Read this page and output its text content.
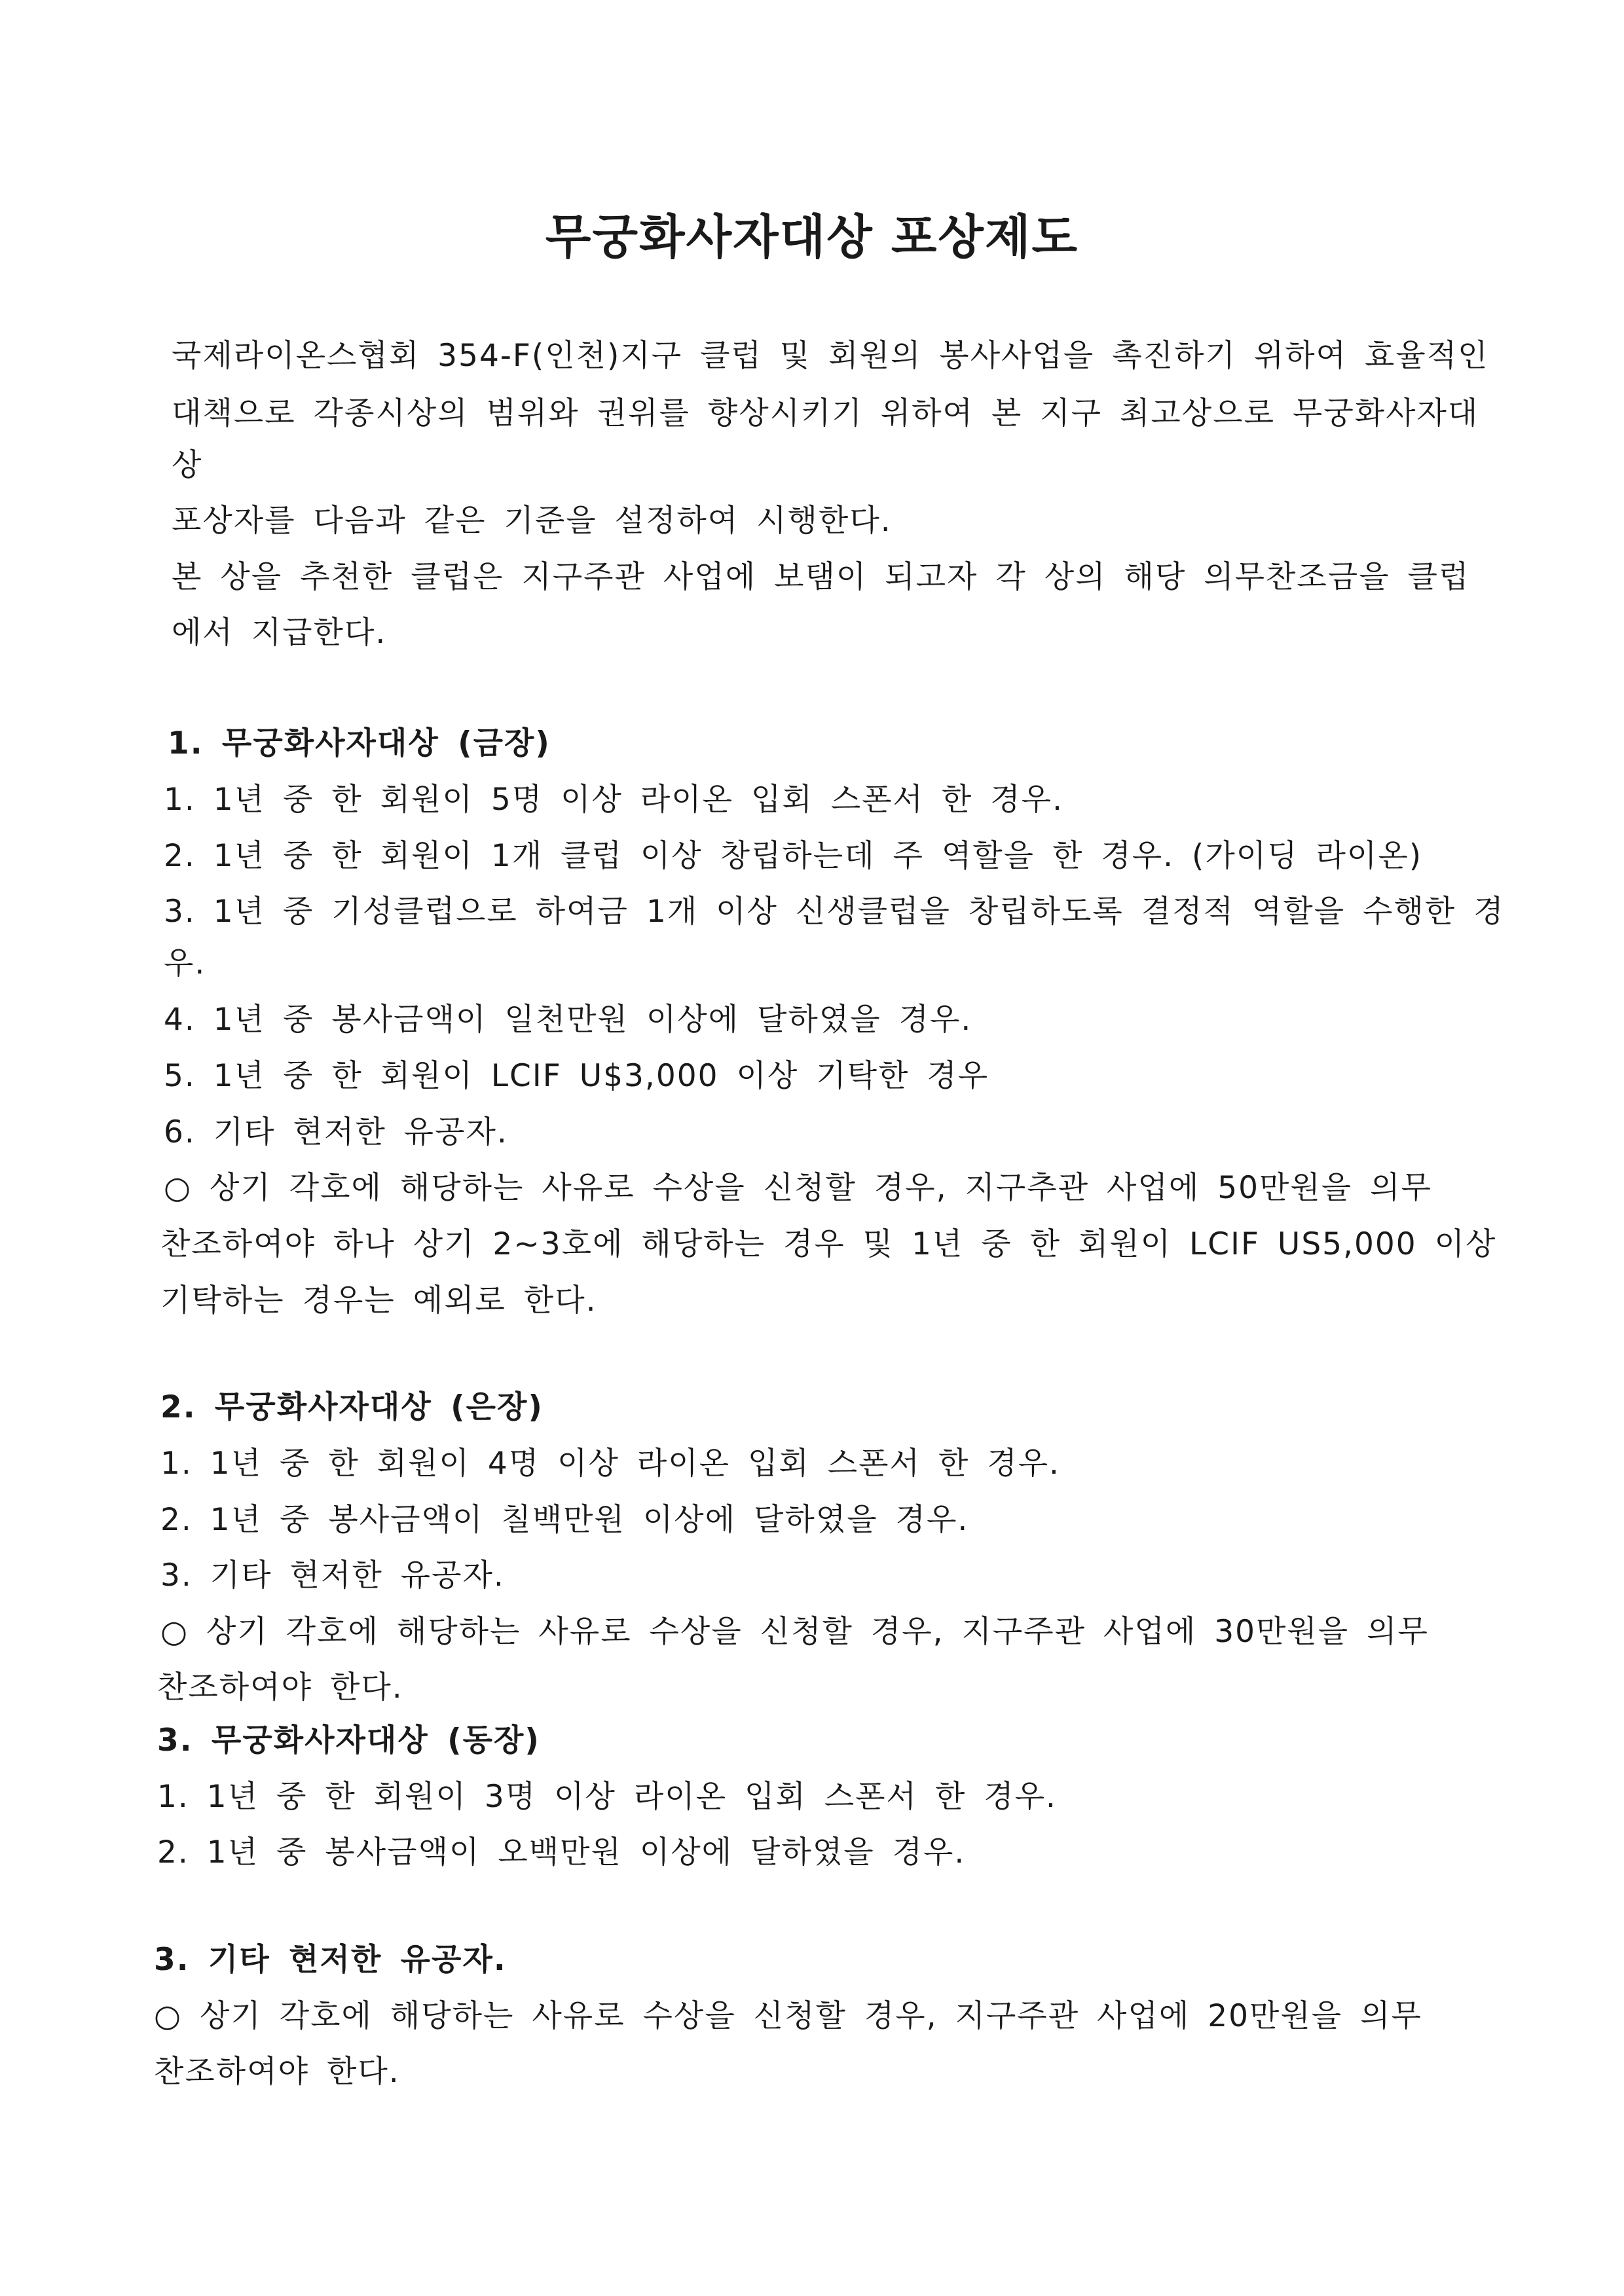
무궁화사자대상 포상제도
국제라이온스협회 354-F(인천)지구 클럽 및 회원의 봉사사업을 촉진하기 위하여 효율적인
대책으로 각종시상의 범위와 권위를 향상시키기 위하여 본 지구 최고상으로 무궁화사자대
상
포상자를 다음과 같은 기준을 설정하여 시행한다.
본 상을 추천한 클럽은 지구주관 사업에 보탬이 되고자 각 상의 해당 의무찬조금을 클럽
에서 지급한다.
1. 무궁화사자대상 (금장)
1. 1년 중 한 회원이 5명 이상 라이온 입회 스폰서 한 경우.
2. 1년 중 한 회원이 1개 클럽 이상 창립하는데 주 역할을 한 경우. (가이딩 라이온)
3. 1년 중 기성클럽으로 하여금 1개 이상 신생클럽을 창립하도록 결정적 역할을 수행한 경
우.
4. 1년 중 봉사금액이 일천만원 이상에 달하였을 경우.
5. 1년 중 한 회원이 LCIF U$3,000 이상 기탁한 경우
6. 기타 현저한 유공자.
○ 상기 각호에 해당하는 사유로 수상을 신청할 경우, 지구추관 사업에 50만원을 의무
찬조하여야 하나 상기 2~3호에 해당하는 경우 및 1년 중 한 회원이 LCIF US5,000 이상
기탁하는 경우는 예외로 한다.
2. 무궁화사자대상 (은장)
1. 1년 중 한 회원이 4명 이상 라이온 입회 스폰서 한 경우.
2. 1년 중 봉사금액이 칠백만원 이상에 달하였을 경우.
3. 기타 현저한 유공자.
○ 상기 각호에 해당하는 사유로 수상을 신청할 경우, 지구주관 사업에 30만원을 의무
찬조하여야 한다.
3. 무궁화사자대상 (동장)
1. 1년 중 한 회원이 3명 이상 라이온 입회 스폰서 한 경우.
2. 1년 중 봉사금액이 오백만원 이상에 달하였을 경우.
3. 기타 현저한 유공자.
○ 상기 각호에 해당하는 사유로 수상을 신청할 경우, 지구주관 사업에 20만원을 의무
찬조하여야 한다.
